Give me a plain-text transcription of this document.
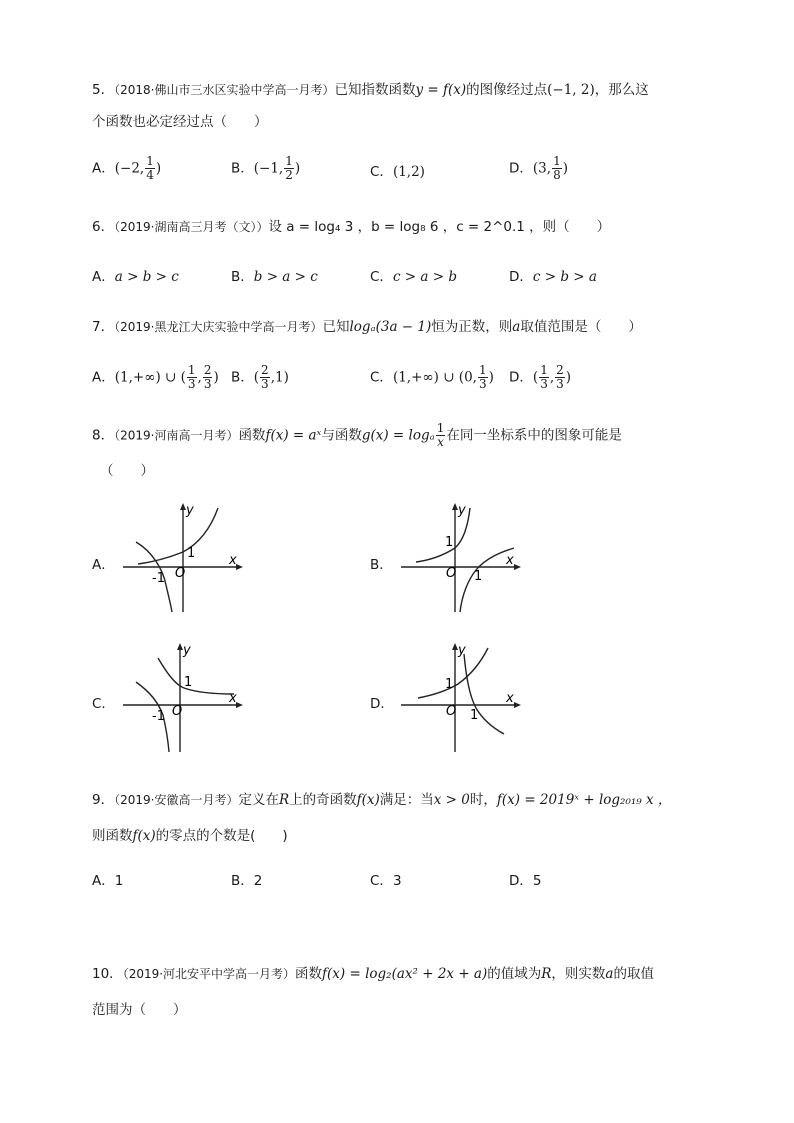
5．（2018·佛山市三水区实验中学高一月考）已知指数函数y = f(x)的图像经过点(−1, 2)，那么这
个函数也必定经过点（　　）
A．(−2, $\frac{1}{4}$ )	B．(−1, $\frac{1}{2}$ )	C．(1,2)	D．(3, $\frac{1}{8}$ )
6．（2019·湖南高三月考（文））设 a = log₄ 3 ，b = log₈ 6 ，c = 2^0.1 ，则（　　）
A．a > b > c	B．b > a > c	C．c > a > b	D．c > b > a
7．（2019·黑龙江大庆实验中学高一月考）已知logₐ(3a − 1)恒为正数，则a取值范围是（　　）
A．(1,+∞) ∪ ( $\frac{1}{3}$ , $\frac{2}{3}$ ) B．( $\frac{2}{3} ,1$)	C．(1,+∞) ∪ (0, $\frac{1}{3}$ ) D．( $\frac{1}{3}$ , $\frac{2}{3}$ )
8．（2019·河南高一月考）函数f(x) = aˣ与函数g(x) = logₐ $\frac{1}{x}$ 在同一坐标系中的图象可能是
（　　）
A．	B．
C．	D．
y
x
O
1
-1
y
x
O
1
1
y
x
O
1
-1
y
x
O
1
1
9．（2019·安徽高一月考）定义在R上的奇函数f(x)满足：当x > 0时，f(x) = 2019ˣ + log₂₀₁₉ x ，
则函数f(x)的零点的个数是(　　)
A．1	B．2	C．3	D．5
10．（2019·河北安平中学高一月考）函数f(x) = log₂(ax² + 2x + a)的值域为R，则实数a的取值
范围为（　　）
